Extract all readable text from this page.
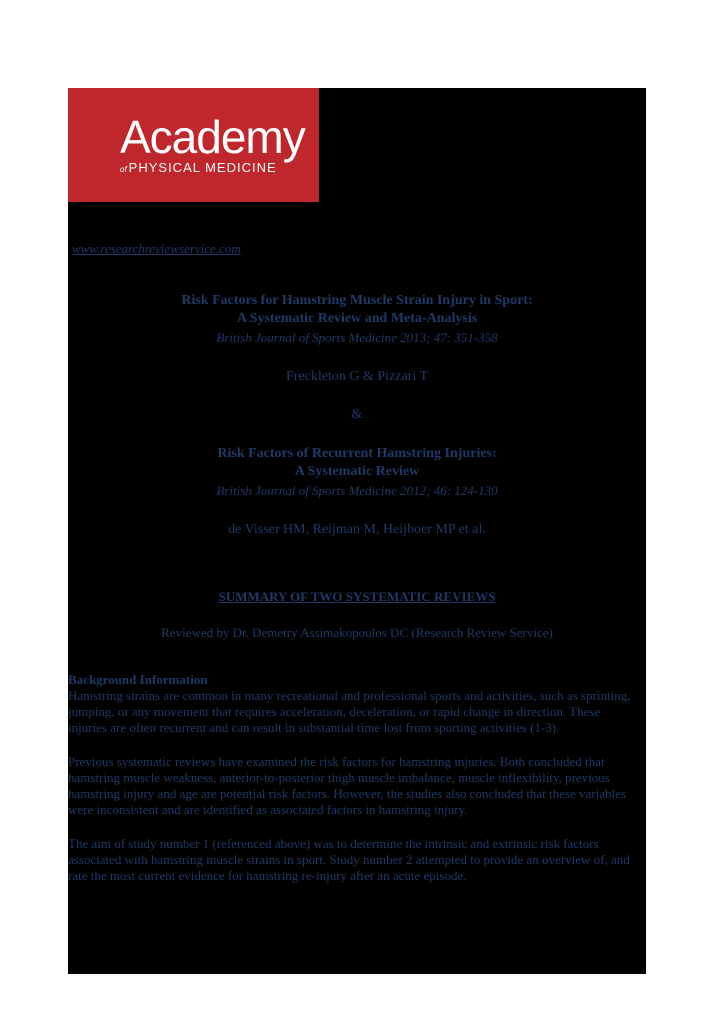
Academy
of PHYSICAL MEDICINE
www.researchreviewservice.com
Risk Factors for Hamstring Muscle Strain Injury in Sport:
A Systematic Review and Meta-Analysis
British Journal of Sports Medicine 2013; 47: 351-358
Freckleton G & Pizzari T
&
Risk Factors of Recurrent Hamstring Injuries:
A Systematic Review
British Journal of Sports Medicine 2012; 46: 124-130
de Visser HM, Reijman M, Heijboer MP et al.
SUMMARY OF TWO SYSTEMATIC REVIEWS
Reviewed by Dr. Demetry Assimakopoulos DC (Research Review Service)

Background Information

Hamstring strains are common in many recreational and professional sports and activities, such as sprinting, jumping, or any movement that requires acceleration, deceleration, or rapid change in direction. These injuries are often recurrent and can result in substantial time lost from sporting activities (1-3).

Previous systematic reviews have examined the risk factors for hamstring injuries. Both concluded that hamstring muscle weakness, anterior-to-posterior thigh muscle imbalance, muscle inflexibility, previous hamstring injury and age are potential risk factors. However, the studies also concluded that these variables were inconsistent and are identified as associated factors in hamstring injury.

The aim of study number 1 (referenced above) was to determine the intrinsic and extrinsic risk factors associated with hamstring muscle strains in sport. Study number 2 attempted to provide an overview of, and rate the most current evidence for hamstring re-injury after an acute episode.
